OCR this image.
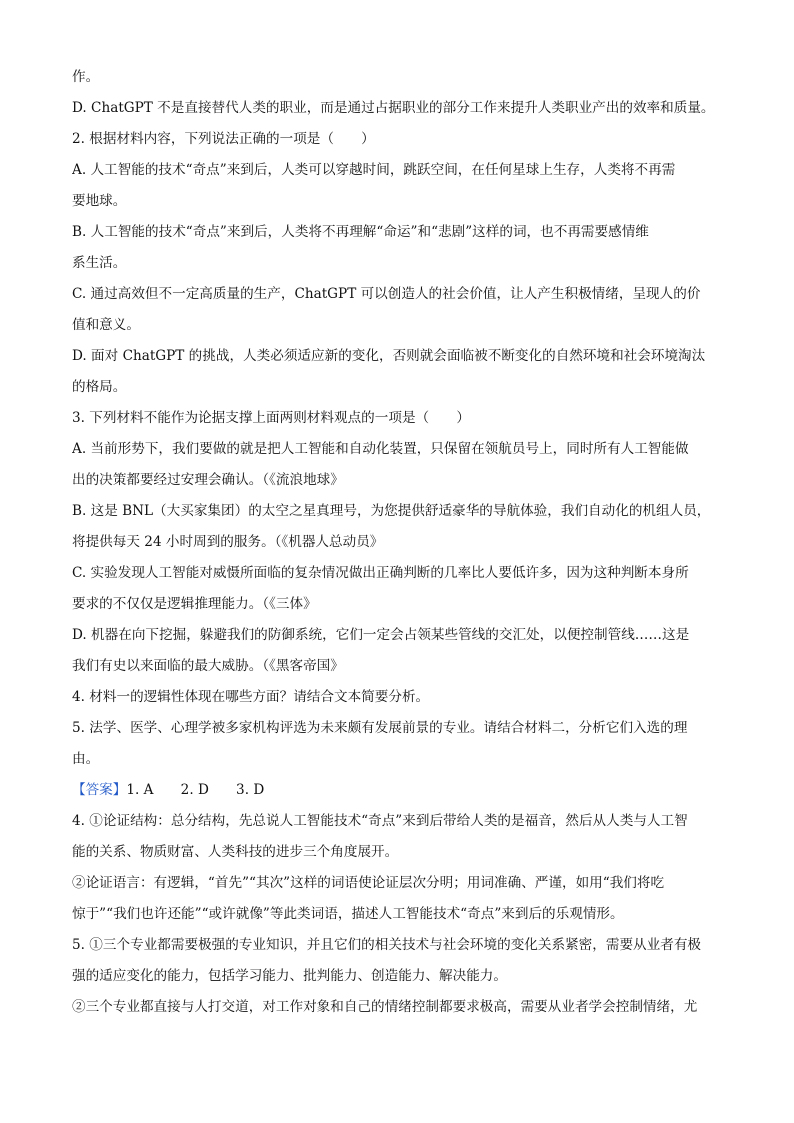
作。
D. ChatGPT 不是直接替代人类的职业，而是通过占据职业的部分工作来提升人类职业产出的效率和质量。
2. 根据材料内容，下列说法正确的一项是（　　）
A. 人工智能的技术“奇点”来到后，人类可以穿越时间，跳跃空间，在任何星球上生存，人类将不再需
要地球。
B. 人工智能的技术“奇点”来到后，人类将不再理解“命运”和“悲剧”这样的词，也不再需要感情维
系生活。
C. 通过高效但不一定高质量的生产，ChatGPT 可以创造人的社会价值，让人产生积极情绪，呈现人的价
值和意义。
D. 面对 ChatGPT 的挑战，人类必须适应新的变化，否则就会面临被不断变化的自然环境和社会环境淘汰
的格局。
3. 下列材料不能作为论据支撑上面两则材料观点的一项是（　　）
A. 当前形势下，我们要做的就是把人工智能和自动化装置，只保留在领航员号上，同时所有人工智能做
出的决策都要经过安理会确认。（《流浪地球》
B. 这是 BNL（大买家集团）的太空之星真理号，为您提供舒适豪华的导航体验，我们自动化的机组人员，
将提供每天 24 小时周到的服务。（《机器人总动员》
C. 实验发现人工智能对威慑所面临的复杂情况做出正确判断的几率比人要低许多，因为这种判断本身所
要求的不仅仅是逻辑推理能力。（《三体》
D. 机器在向下挖掘，躲避我们的防御系统，它们一定会占领某些管线的交汇处，以便控制管线……这是
我们有史以来面临的最大威胁。（《黑客帝国》
4. 材料一的逻辑性体现在哪些方面？请结合文本简要分析。
5. 法学、医学、心理学被多家机构评选为未来颇有发展前景的专业。请结合材料二，分析它们入选的理
由。
【答案】1. A　　2. D　　3. D
4. ①论证结构：总分结构，先总说人工智能技术“奇点”来到后带给人类的是福音，然后从人类与人工智
能的关系、物质财富、人类科技的进步三个角度展开。
②论证语言：有逻辑，“首先”“其次”这样的词语使论证层次分明；用词准确、严谨，如用“我们将吃
惊于”“我们也许还能”“或许就像”等此类词语，描述人工智能技术“奇点”来到后的乐观情形。
5. ①三个专业都需要极强的专业知识，并且它们的相关技术与社会环境的变化关系紧密，需要从业者有极
强的适应变化的能力，包括学习能力、批判能力、创造能力、解决能力。
②三个专业都直接与人打交道，对工作对象和自己的情绪控制都要求极高，需要从业者学会控制情绪，尤
